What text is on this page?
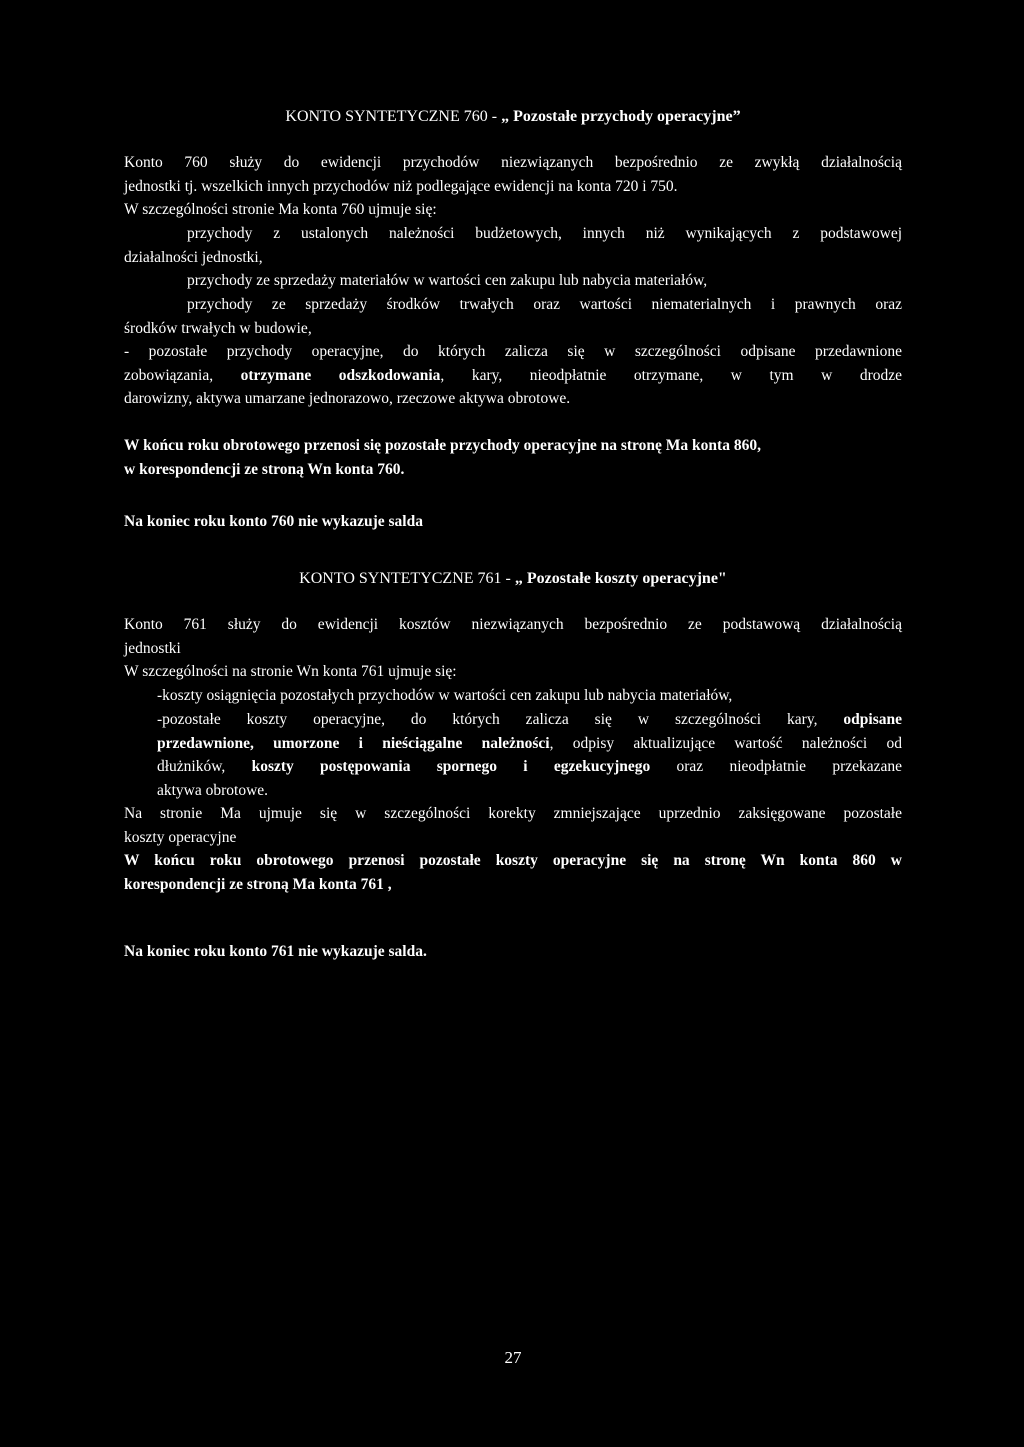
KONTO SYNTETYCZNE 760 - „ Pozostałe przychody operacyjne”

Konto 760 służy do ewidencji przychodów niezwiązanych bezpośrednio ze zwykłą działalnością

jednostki tj. wszelkich innych przychodów niż podlegające ewidencji na konta 720 i 750.

W szczególności stronie Ma konta 760 ujmuje się:

przychody z ustalonych należności budżetowych, innych niż wynikających z podstawowej

działalności jednostki,

przychody ze sprzedaży materiałów w wartości cen zakupu lub nabycia materiałów,

przychody ze sprzedaży środków trwałych oraz wartości niematerialnych i prawnych oraz

środków trwałych w budowie,

- pozostałe przychody operacyjne, do których zalicza się w szczególności odpisane przedawnione

zobowiązania, otrzymane odszkodowania, kary, nieodpłatnie otrzymane, w tym w drodze

darowizny, aktywa umarzane jednorazowo, rzeczowe aktywa obrotowe.

W końcu roku obrotowego przenosi się pozostałe przychody operacyjne na stronę Ma konta 860,

w korespondencji ze stroną Wn konta 760.

Na koniec roku konto 760 nie wykazuje salda

KONTO SYNTETYCZNE 761 - „ Pozostałe koszty operacyjne"

Konto 761 służy do ewidencji kosztów niezwiązanych bezpośrednio ze podstawową działalnością

jednostki

W szczególności na stronie Wn konta 761 ujmuje się:

-koszty osiągnięcia pozostałych przychodów w wartości cen zakupu lub nabycia materiałów,

-pozostałe koszty operacyjne, do których zalicza się w szczególności kary, odpisane

przedawnione, umorzone i nieściągalne należności, odpisy aktualizujące wartość należności od

dłużników, koszty postępowania spornego i egzekucyjnego oraz nieodpłatnie przekazane

aktywa obrotowe.

Na stronie Ma ujmuje się w szczególności korekty zmniejszające uprzednio zaksięgowane pozostałe

koszty operacyjne

W końcu roku obrotowego przenosi pozostałe koszty operacyjne się na stronę Wn konta 860 w

korespondencji ze stroną Ma konta 761 ,

Na koniec roku konto 761 nie wykazuje salda.

27
